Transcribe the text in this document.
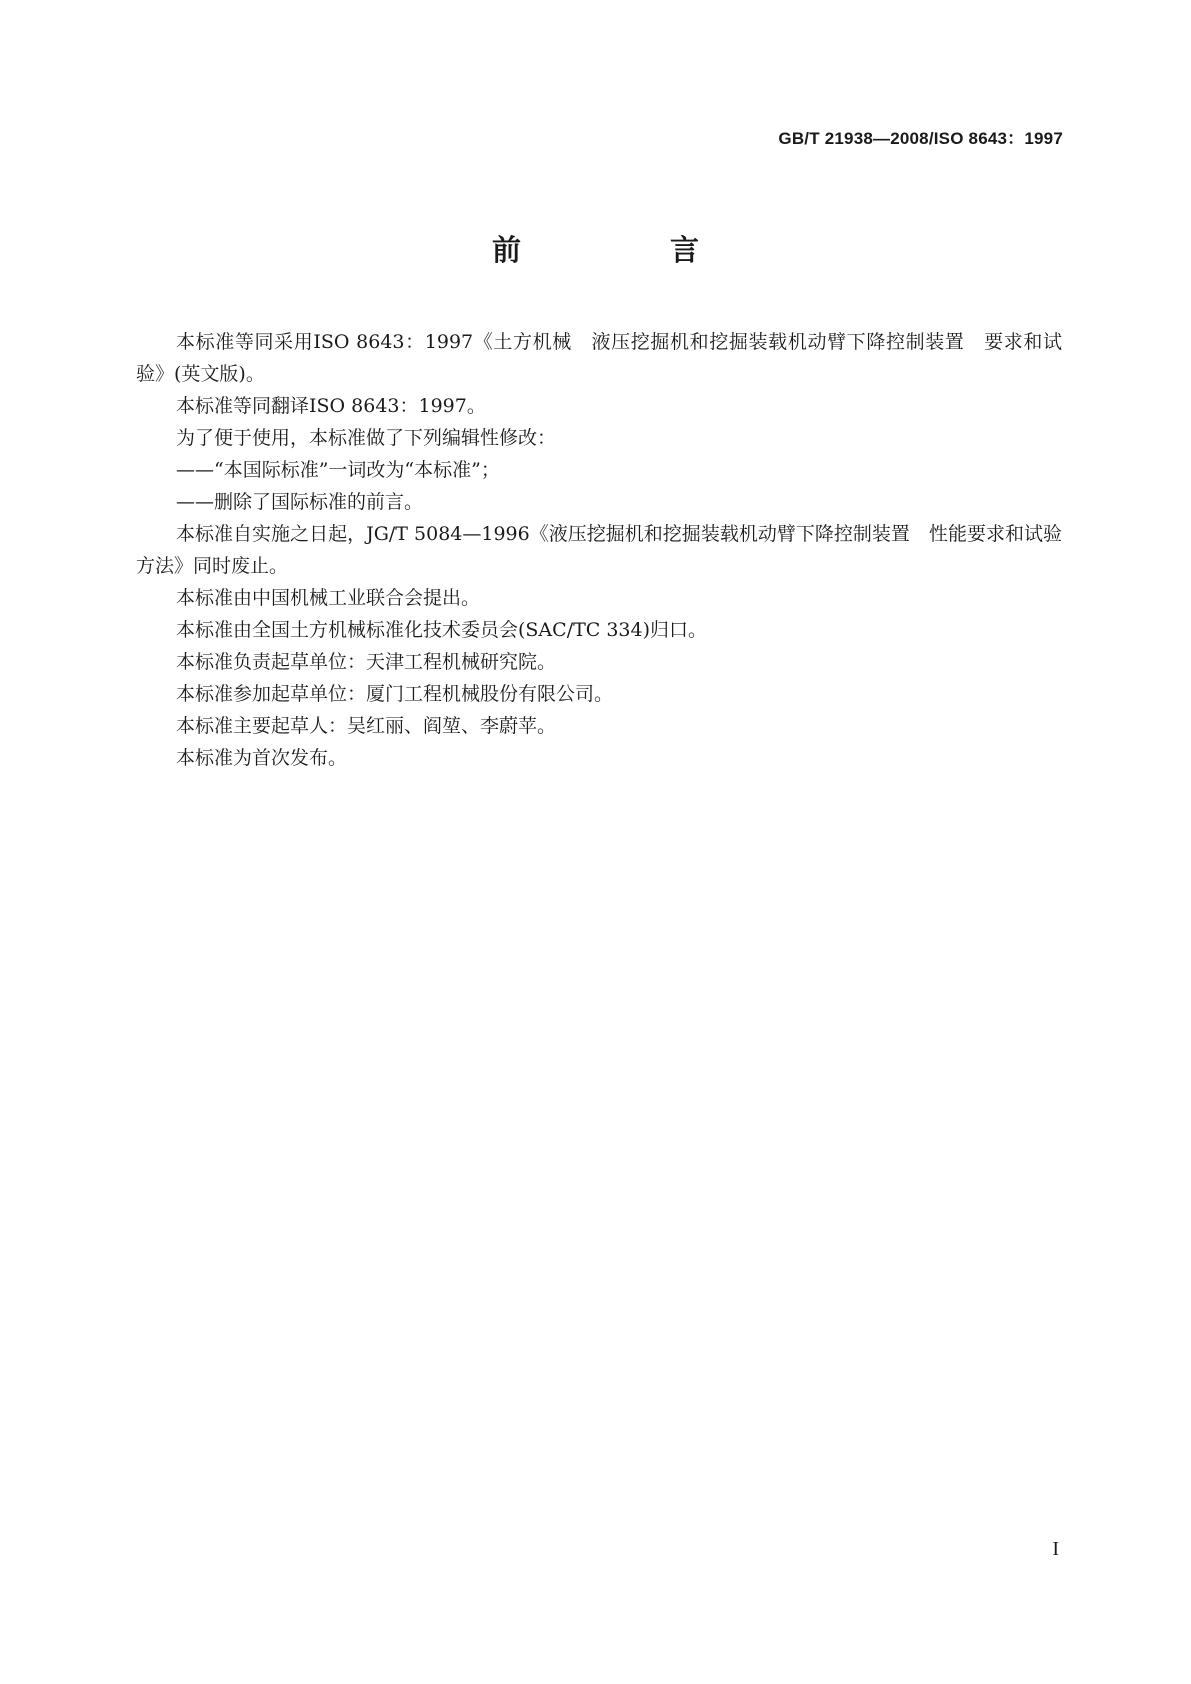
GB/T 21938—2008/ISO 8643：1997
前　言

本标准等同采用ISO 8643：1997《土方机械　液压挖掘机和挖掘装载机动臂下降控制装置　要求和试验》(英文版)。

本标准等同翻译ISO 8643：1997。

为了便于使用，本标准做了下列编辑性修改：

——“本国际标准”一词改为“本标准”；

——删除了国际标准的前言。

本标准自实施之日起，JG/T 5084—1996《液压挖掘机和挖掘装载机动臂下降控制装置　性能要求和试验方法》同时废止。

本标准由中国机械工业联合会提出。

本标准由全国土方机械标准化技术委员会(SAC/TC 334)归口。

本标准负责起草单位：天津工程机械研究院。

本标准参加起草单位：厦门工程机械股份有限公司。

本标准主要起草人：吴红丽、阎堃、李蔚苹。

本标准为首次发布。

I
